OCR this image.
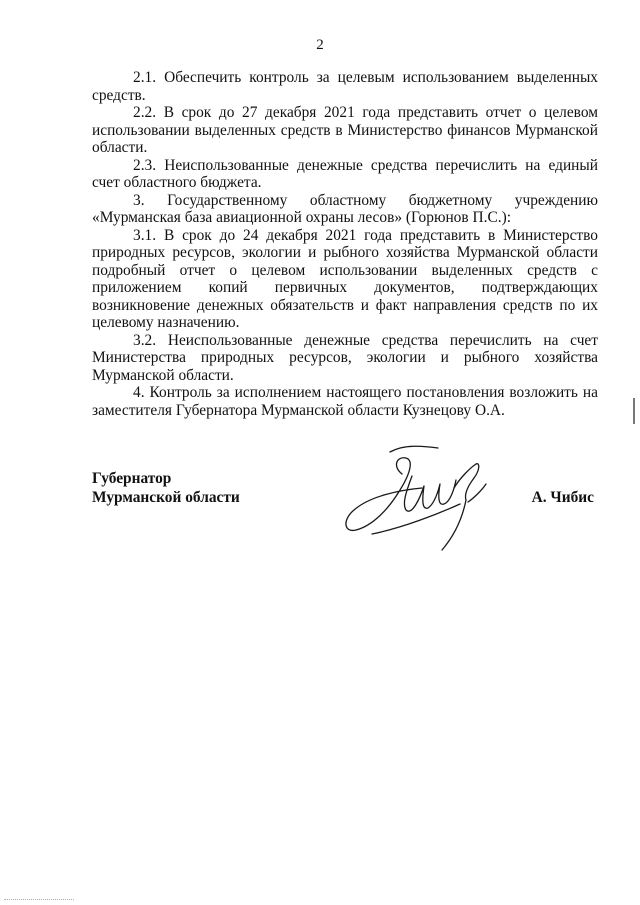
2

2.1. Обеспечить контроль за целевым использованием выделенных средств.

2.2. В срок до 27 декабря 2021 года представить отчет о целевом использовании выделенных средств в Министерство финансов Мурманской области.

2.3. Неиспользованные денежные средства перечислить на единый счет областного бюджета.

3. Государственному областному бюджетному учреждению «Мурманская база авиационной охраны лесов» (Горюнов П.С.):

3.1. В срок до 24 декабря 2021 года представить в Министерство природных ресурсов, экологии и рыбного хозяйства Мурманской области подробный отчет о целевом использовании выделенных средств с приложением копий первичных документов, подтверждающих возникновение денежных обязательств и факт направления средств по их целевому назначению.

3.2. Неиспользованные денежные средства перечислить на счет Министерства природных ресурсов, экологии и рыбного хозяйства Мурманской области.

4. Контроль за исполнением настоящего постановления возложить на заместителя Губернатора Мурманской области Кузнецову О.А.

Губернатор
Мурманской области	А. Чибис
